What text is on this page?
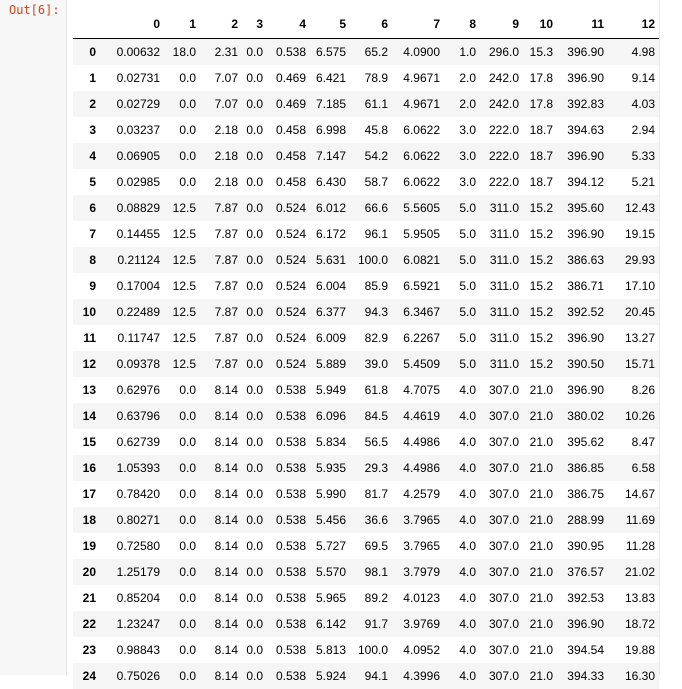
Out[6]:
	0	1	2	3	4	5	6	7	8	9	10	11	12
0	0.00632	18.0	2.31	0.0	0.538	6.575	65.2	4.0900	1.0	296.0	15.3	396.90	4.98
1	0.02731	0.0	7.07	0.0	0.469	6.421	78.9	4.9671	2.0	242.0	17.8	396.90	9.14
2	0.02729	0.0	7.07	0.0	0.469	7.185	61.1	4.9671	2.0	242.0	17.8	392.83	4.03
3	0.03237	0.0	2.18	0.0	0.458	6.998	45.8	6.0622	3.0	222.0	18.7	394.63	2.94
4	0.06905	0.0	2.18	0.0	0.458	7.147	54.2	6.0622	3.0	222.0	18.7	396.90	5.33
5	0.02985	0.0	2.18	0.0	0.458	6.430	58.7	6.0622	3.0	222.0	18.7	394.12	5.21
6	0.08829	12.5	7.87	0.0	0.524	6.012	66.6	5.5605	5.0	311.0	15.2	395.60	12.43
7	0.14455	12.5	7.87	0.0	0.524	6.172	96.1	5.9505	5.0	311.0	15.2	396.90	19.15
8	0.21124	12.5	7.87	0.0	0.524	5.631	100.0	6.0821	5.0	311.0	15.2	386.63	29.93
9	0.17004	12.5	7.87	0.0	0.524	6.004	85.9	6.5921	5.0	311.0	15.2	386.71	17.10
10	0.22489	12.5	7.87	0.0	0.524	6.377	94.3	6.3467	5.0	311.0	15.2	392.52	20.45
11	0.11747	12.5	7.87	0.0	0.524	6.009	82.9	6.2267	5.0	311.0	15.2	396.90	13.27
12	0.09378	12.5	7.87	0.0	0.524	5.889	39.0	5.4509	5.0	311.0	15.2	390.50	15.71
13	0.62976	0.0	8.14	0.0	0.538	5.949	61.8	4.7075	4.0	307.0	21.0	396.90	8.26
14	0.63796	0.0	8.14	0.0	0.538	6.096	84.5	4.4619	4.0	307.0	21.0	380.02	10.26
15	0.62739	0.0	8.14	0.0	0.538	5.834	56.5	4.4986	4.0	307.0	21.0	395.62	8.47
16	1.05393	0.0	8.14	0.0	0.538	5.935	29.3	4.4986	4.0	307.0	21.0	386.85	6.58
17	0.78420	0.0	8.14	0.0	0.538	5.990	81.7	4.2579	4.0	307.0	21.0	386.75	14.67
18	0.80271	0.0	8.14	0.0	0.538	5.456	36.6	3.7965	4.0	307.0	21.0	288.99	11.69
19	0.72580	0.0	8.14	0.0	0.538	5.727	69.5	3.7965	4.0	307.0	21.0	390.95	11.28
20	1.25179	0.0	8.14	0.0	0.538	5.570	98.1	3.7979	4.0	307.0	21.0	376.57	21.02
21	0.85204	0.0	8.14	0.0	0.538	5.965	89.2	4.0123	4.0	307.0	21.0	392.53	13.83
22	1.23247	0.0	8.14	0.0	0.538	6.142	91.7	3.9769	4.0	307.0	21.0	396.90	18.72
23	0.98843	0.0	8.14	0.0	0.538	5.813	100.0	4.0952	4.0	307.0	21.0	394.54	19.88
24	0.75026	0.0	8.14	0.0	0.538	5.924	94.1	4.3996	4.0	307.0	21.0	394.33	16.30
